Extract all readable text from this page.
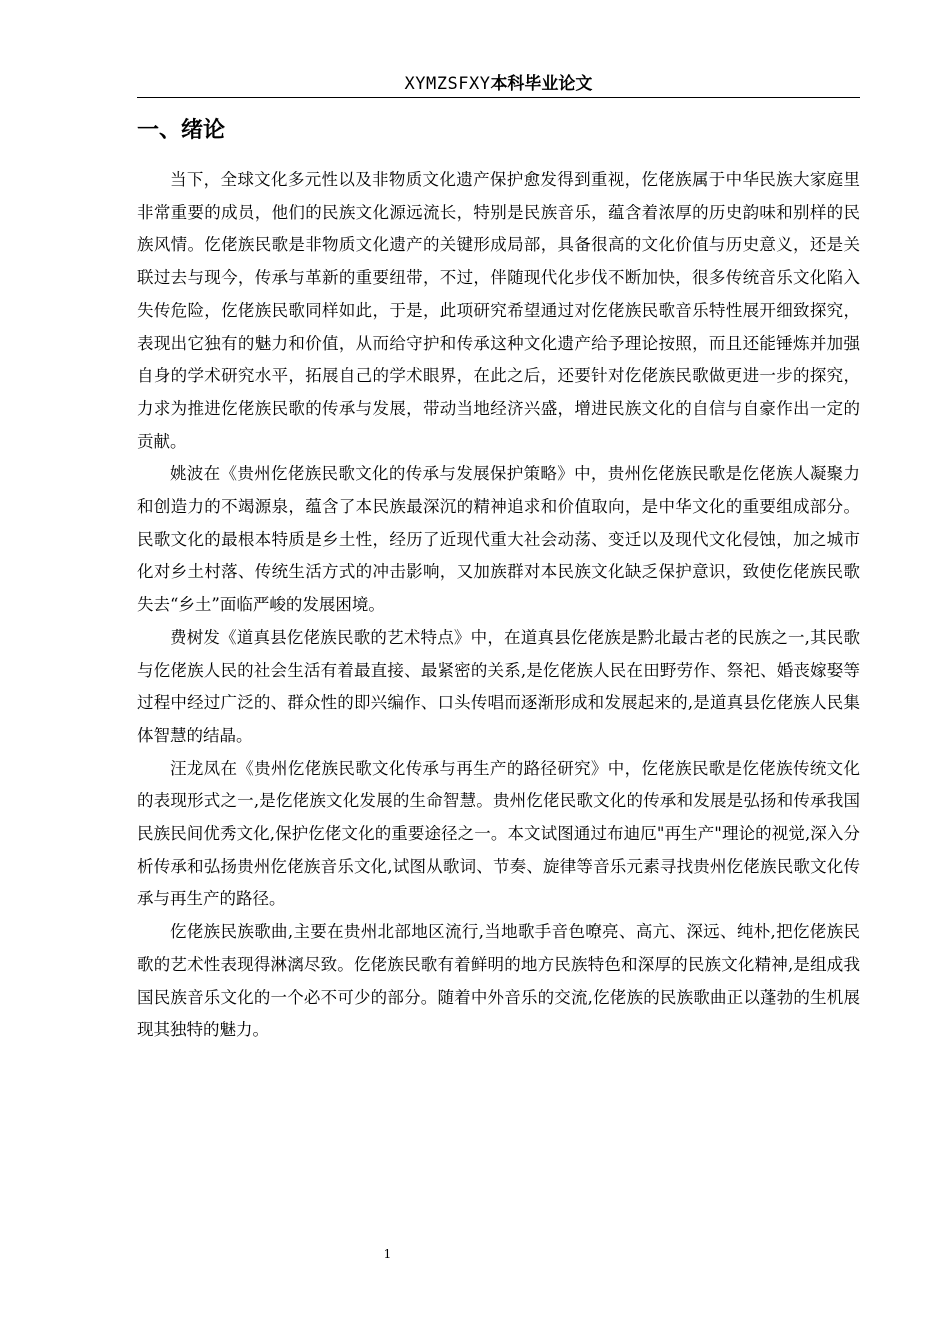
XYMZSFXY本科毕业论文
一、绪论

当下，全球文化多元性以及非物质文化遗产保护愈发得到重视，仡佬族属于中华民族大家庭里非常重要的成员，他们的民族文化源远流长，特别是民族音乐，蕴含着浓厚的历史韵味和别样的民族风情。仡佬族民歌是非物质文化遗产的关键形成局部，具备很高的文化价值与历史意义，还是关联过去与现今，传承与革新的重要纽带，不过，伴随现代化步伐不断加快，很多传统音乐文化陷入失传危险，仡佬族民歌同样如此，于是，此项研究希望通过对仡佬族民歌音乐特性展开细致探究，表现出它独有的魅力和价值，从而给守护和传承这种文化遗产给予理论按照，而且还能锤炼并加强自身的学术研究水平，拓展自己的学术眼界，在此之后，还要针对仡佬族民歌做更进一步的探究，力求为推进仡佬族民歌的传承与发展，带动当地经济兴盛，增进民族文化的自信与自豪作出一定的贡献。

姚波在《贵州仡佬族民歌文化的传承与发展保护策略》中，贵州仡佬族民歌是仡佬族人凝聚力和创造力的不竭源泉，蕴含了本民族最深沉的精神追求和价值取向，是中华文化的重要组成部分。民歌文化的最根本特质是乡土性，经历了近现代重大社会动荡、变迁以及现代文化侵蚀，加之城市化对乡土村落、传统生活方式的冲击影响，又加族群对本民族文化缺乏保护意识，致使仡佬族民歌失去“乡土”面临严峻的发展困境。

费树发《道真县仡佬族民歌的艺术特点》中，在道真县仡佬族是黔北最古老的民族之一,其民歌与仡佬族人民的社会生活有着最直接、最紧密的关系,是仡佬族人民在田野劳作、祭祀、婚丧嫁娶等过程中经过广泛的、群众性的即兴编作、口头传唱而逐渐形成和发展起来的,是道真县仡佬族人民集体智慧的结晶。

汪龙凤在《贵州仡佬族民歌文化传承与再生产的路径研究》中，仡佬族民歌是仡佬族传统文化的表现形式之一,是仡佬族文化发展的生命智慧。贵州仡佬民歌文化的传承和发展是弘扬和传承我国民族民间优秀文化,保护仡佬文化的重要途径之一。本文试图通过布迪厄"再生产"理论的视觉,深入分析传承和弘扬贵州仡佬族音乐文化,试图从歌词、节奏、旋律等音乐元素寻找贵州仡佬族民歌文化传承与再生产的路径。

仡佬族民族歌曲,主要在贵州北部地区流行,当地歌手音色嘹亮、高亢、深远、纯朴,把仡佬族民歌的艺术性表现得淋漓尽致。仡佬族民歌有着鲜明的地方民族特色和深厚的民族文化精神,是组成我国民族音乐文化的一个必不可少的部分。随着中外音乐的交流,仡佬族的民族歌曲正以蓬勃的生机展现其独特的魅力。

1
